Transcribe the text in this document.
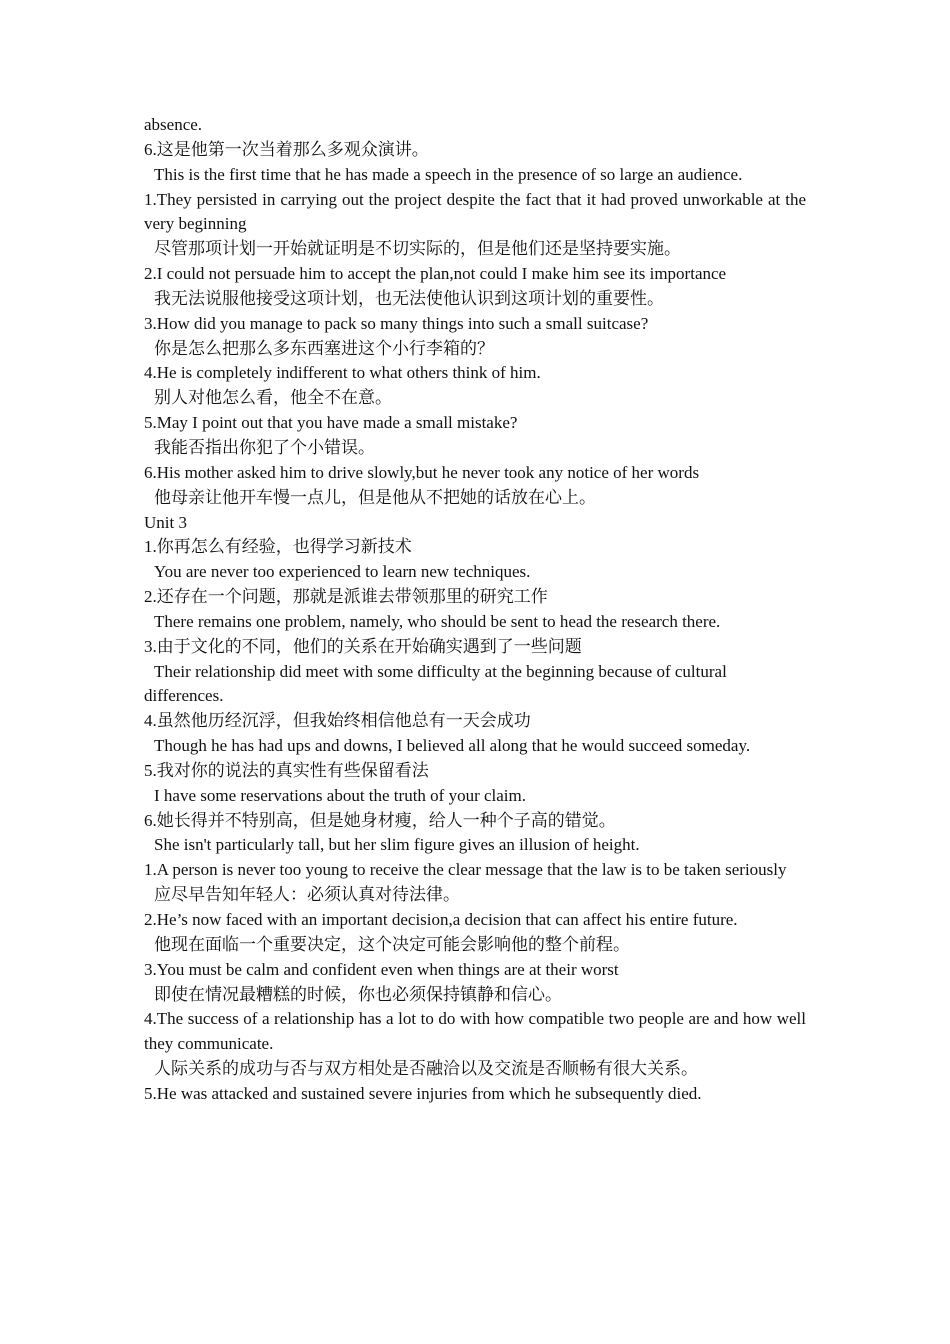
absence.

6.这是他第一次当着那么多观众演讲。

This is the first time that he has made a speech in the presence of so large an audience.

1.They persisted in carrying out the project despite the fact that it had proved unworkable at the very beginning

尽管那项计划一开始就证明是不切实际的，但是他们还是坚持要实施。

2.I could not persuade him to accept the plan,not could I make him see its importance

我无法说服他接受这项计划，也无法使他认识到这项计划的重要性。

3.How did you manage to pack so many things into such a small suitcase?

你是怎么把那么多东西塞进这个小行李箱的？

4.He is completely indifferent to what others think of him.

别人对他怎么看，他全不在意。

5.May I point out that you have made a small mistake?

我能否指出你犯了个小错误。

6.His mother asked him to drive slowly,but he never took any notice of her words

他母亲让他开车慢一点儿，但是他从不把她的话放在心上。

Unit 3

1.你再怎么有经验，也得学习新技术

You are never too experienced to learn new techniques.

2.还存在一个问题，那就是派谁去带领那里的研究工作

There remains one problem, namely, who should be sent to head the research there.

3.由于文化的不同，他们的关系在开始确实遇到了一些问题

Their relationship did meet with some difficulty at the beginning because of cultural differences.

4.虽然他历经沉浮，但我始终相信他总有一天会成功

Though he has had ups and downs, I believed all along that he would succeed someday.

5.我对你的说法的真实性有些保留看法

I have some reservations about the truth of your claim.

6.她长得并不特别高，但是她身材瘦，给人一种个子高的错觉。

She isn't particularly tall, but her slim figure gives an illusion of height.

1.A person is never too young to receive the clear message that the law is to be taken seriously

应尽早告知年轻人：必须认真对待法律。

2.He’s now faced with an important decision,a decision that can affect his entire future.

他现在面临一个重要决定，这个决定可能会影响他的整个前程。

3.You must be calm and confident even when things are at their worst

即使在情况最糟糕的时候，你也必须保持镇静和信心。

4.The success of a relationship has a lot to do with how compatible two people are and how well they communicate.

人际关系的成功与否与双方相处是否融洽以及交流是否顺畅有很大关系。

5.He was attacked and sustained severe injuries from which he subsequently died.
